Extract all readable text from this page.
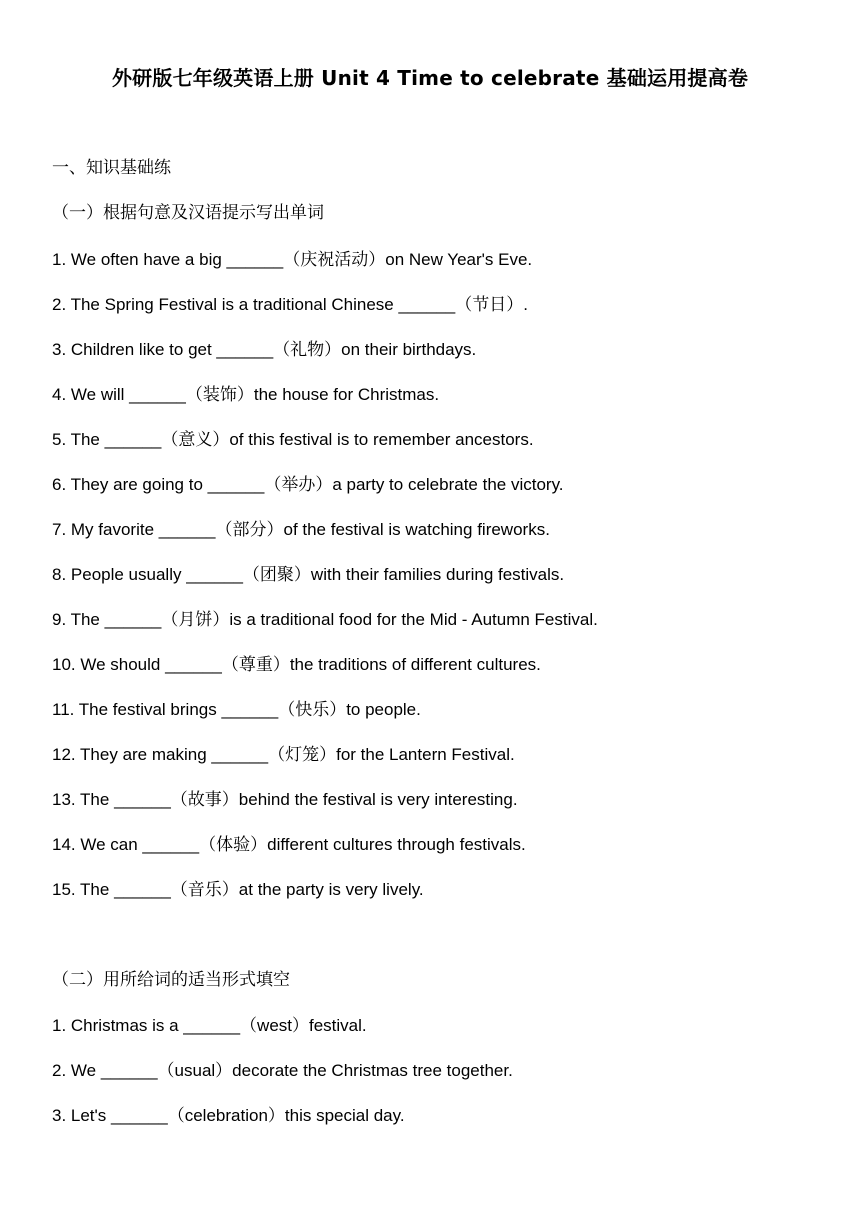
外研版七年级英语上册 Unit 4 Time to celebrate 基础运用提高卷
一、知识基础练
（一）根据句意及汉语提示写出单词
1. We often have a big ______（庆祝活动）on New Year's Eve.
2. The Spring Festival is a traditional Chinese ______（节日）.
3. Children like to get ______（礼物）on their birthdays.
4. We will ______（装饰）the house for Christmas.
5. The ______（意义）of this festival is to remember ancestors.
6. They are going to ______（举办）a party to celebrate the victory.
7. My favorite ______（部分）of the festival is watching fireworks.
8. People usually ______（团聚）with their families during festivals.
9. The ______（月饼）is a traditional food for the Mid - Autumn Festival.
10. We should ______（尊重）the traditions of different cultures.
11. The festival brings ______（快乐）to people.
12. They are making ______（灯笼）for the Lantern Festival.
13. The ______（故事）behind the festival is very interesting.
14. We can ______（体验）different cultures through festivals.
15. The ______（音乐）at the party is very lively.
（二）用所给词的适当形式填空
1. Christmas is a ______（west）festival.
2. We ______（usual）decorate the Christmas tree together.
3. Let's ______（celebration）this special day.
